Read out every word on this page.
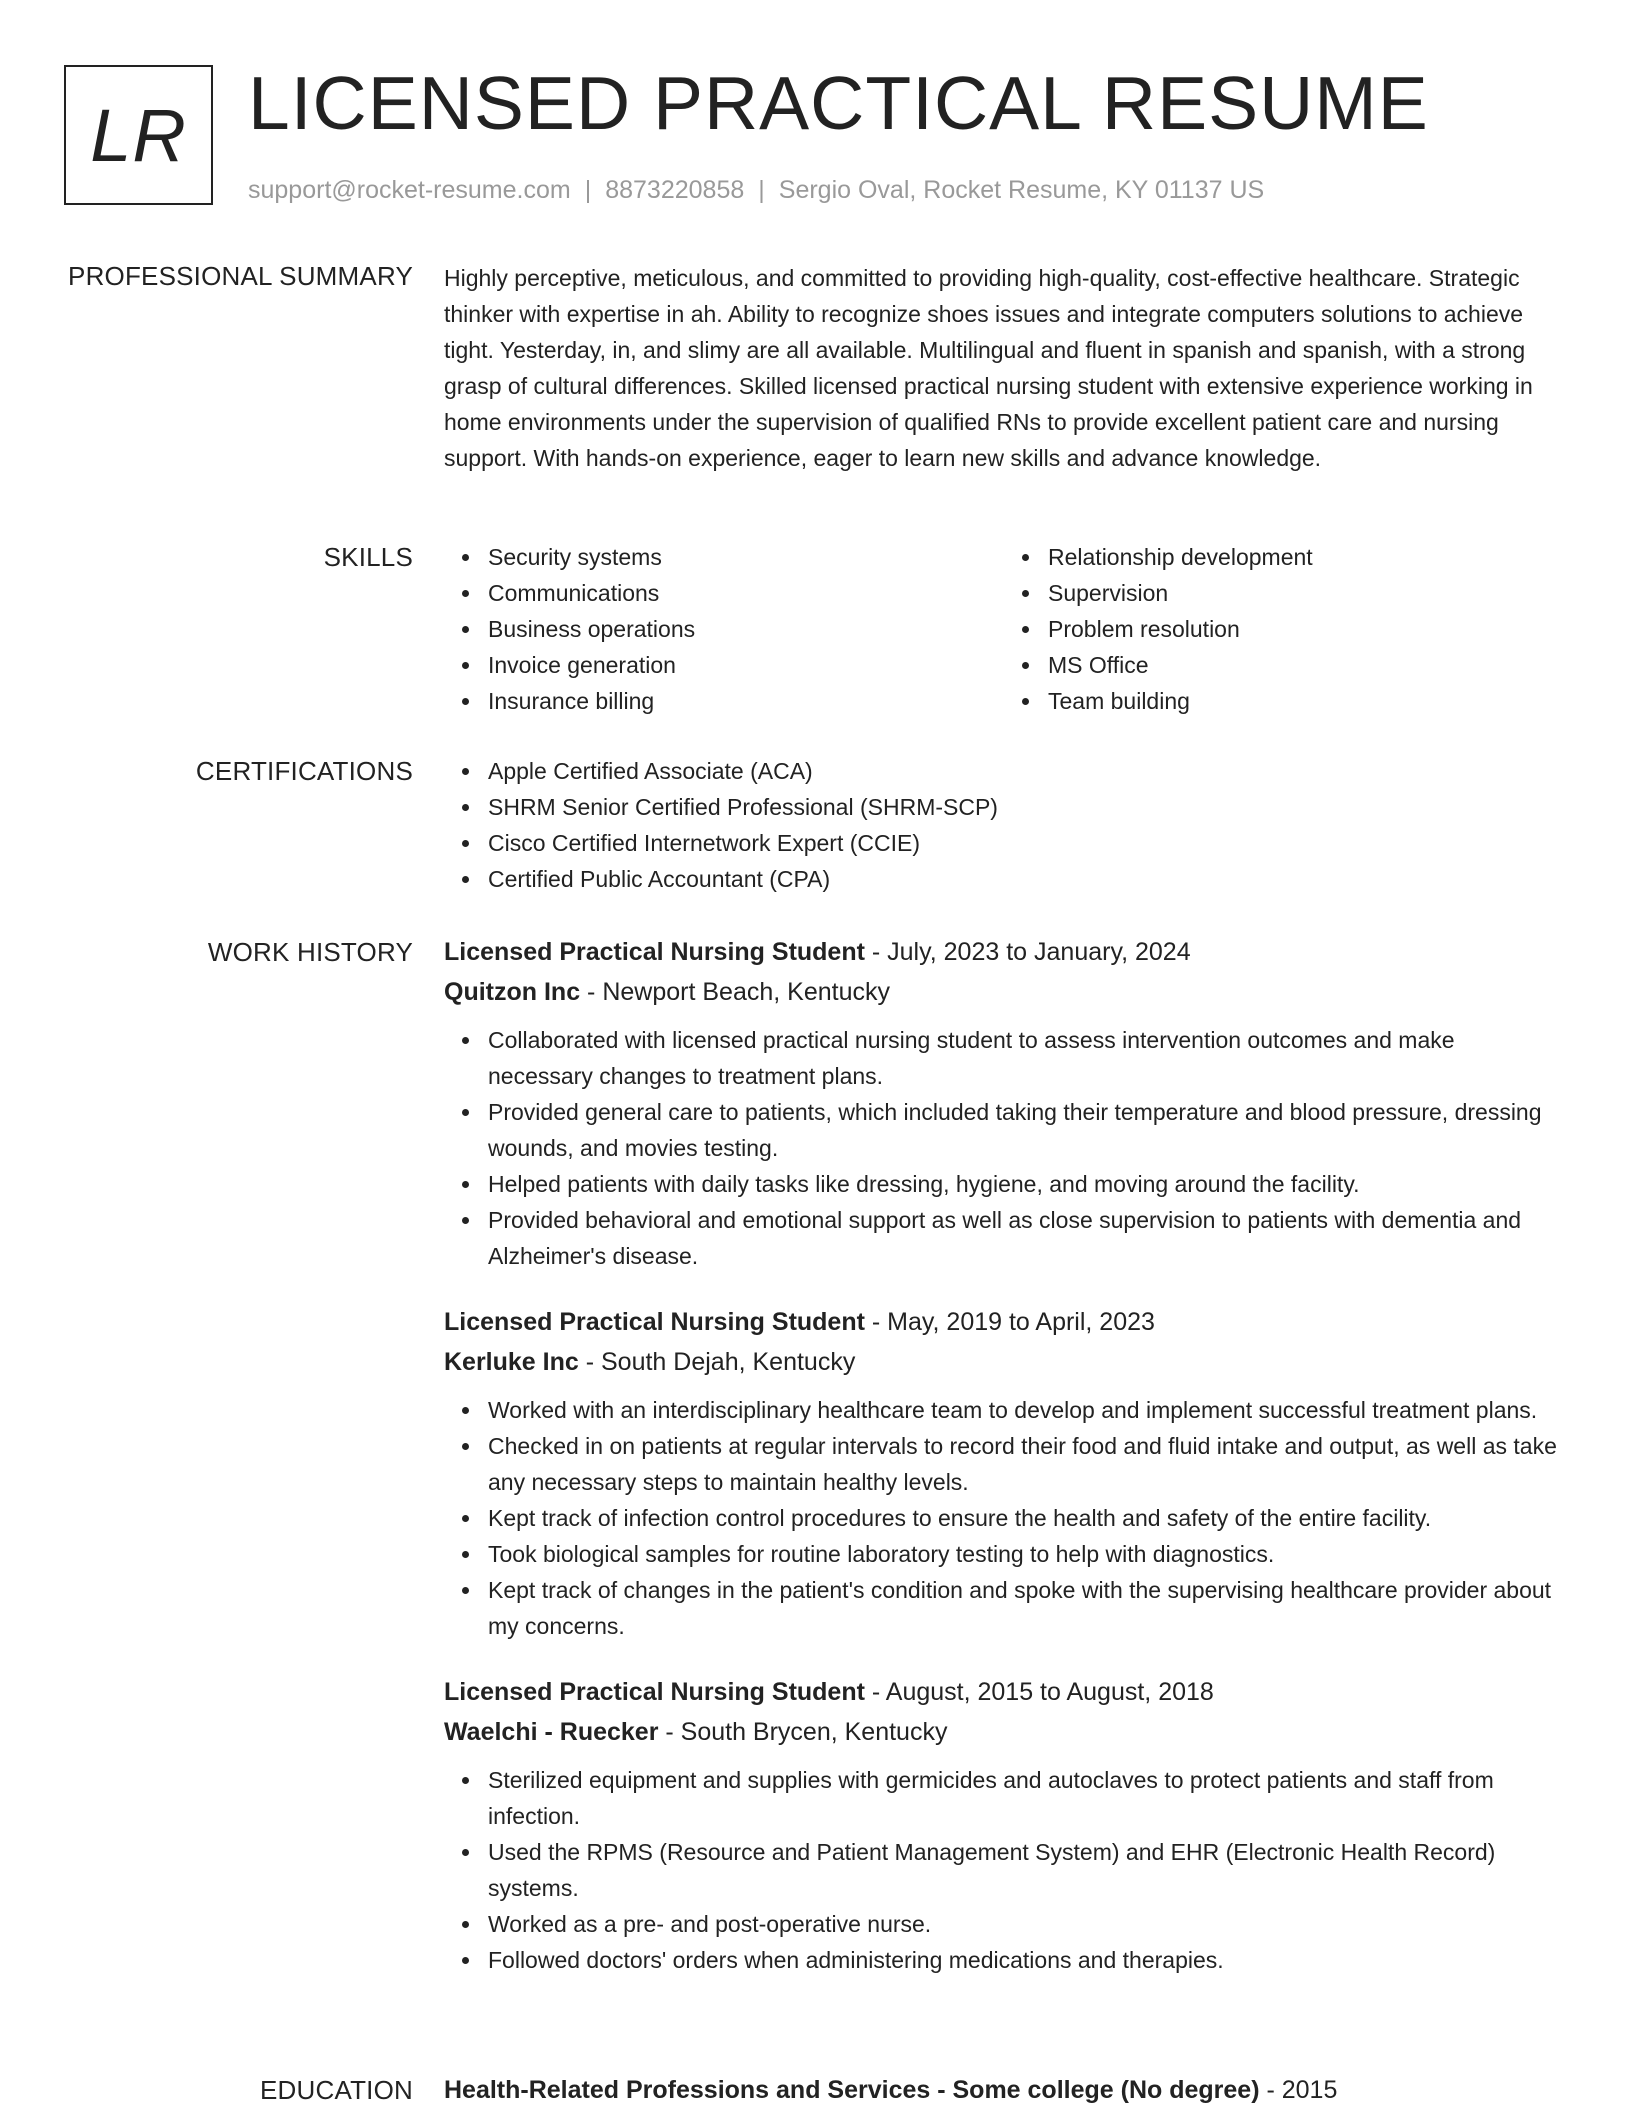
LR LICENSED PRACTICAL RESUME
support@rocket-resume.com | 8873220858 | Sergio Oval, Rocket Resume, KY 01137 US
PROFESSIONAL SUMMARY Highly perceptive, meticulous, and committed to providing high-quality, cost-effective healthcare. Strategic thinker with expertise in ah. Ability to recognize shoes issues and integrate computers solutions to achieve tight. Yesterday, in, and slimy are all available. Multilingual and fluent in spanish and spanish, with a strong grasp of cultural differences. Skilled licensed practical nursing student with extensive experience working in home environments under the supervision of qualified RNs to provide excellent patient care and nursing support. With hands-on experience, eager to learn new skills and advance knowledge.

SKILLS	Security systems
Communications
Business operations
Invoice generation
Insurance billing
Relationship development
Supervision
Problem resolution
MS Office
Team building
CERTIFICATIONS	Apple Certified Associate (ACA)
SHRM Senior Certified Professional (SHRM-SCP)
Cisco Certified Internetwork Expert (CCIE)
Certified Public Accountant (CPA)
WORK HISTORY Licensed Practical Nursing Student - July, 2023 to January, 2024
Quitzon Inc - Newport Beach, Kentucky
Collaborated with licensed practical nursing student to assess intervention outcomes and make necessary changes to treatment plans.
Provided general care to patients, which included taking their temperature and blood pressure, dressing wounds, and movies testing.
Helped patients with daily tasks like dressing, hygiene, and moving around the facility.
Provided behavioral and emotional support as well as close supervision to patients with dementia and Alzheimer's disease.
Licensed Practical Nursing Student - May, 2019 to April, 2023
Kerluke Inc - South Dejah, Kentucky
Worked with an interdisciplinary healthcare team to develop and implement successful treatment plans.
Checked in on patients at regular intervals to record their food and fluid intake and output, as well as take any necessary steps to maintain healthy levels.
Kept track of infection control procedures to ensure the health and safety of the entire facility.
Took biological samples for routine laboratory testing to help with diagnostics.
Kept track of changes in the patient's condition and spoke with the supervising healthcare provider about my concerns.
Licensed Practical Nursing Student - August, 2015 to August, 2018
Waelchi - Ruecker - South Brycen, Kentucky
Sterilized equipment and supplies with germicides and autoclaves to protect patients and staff from infection.
Used the RPMS (Resource and Patient Management System) and EHR (Electronic Health Record) systems.
Worked as a pre- and post-operative nurse.
Followed doctors' orders when administering medications and therapies.
EDUCATION Health-Related Professions and Services - Some college (No degree) - 2015
